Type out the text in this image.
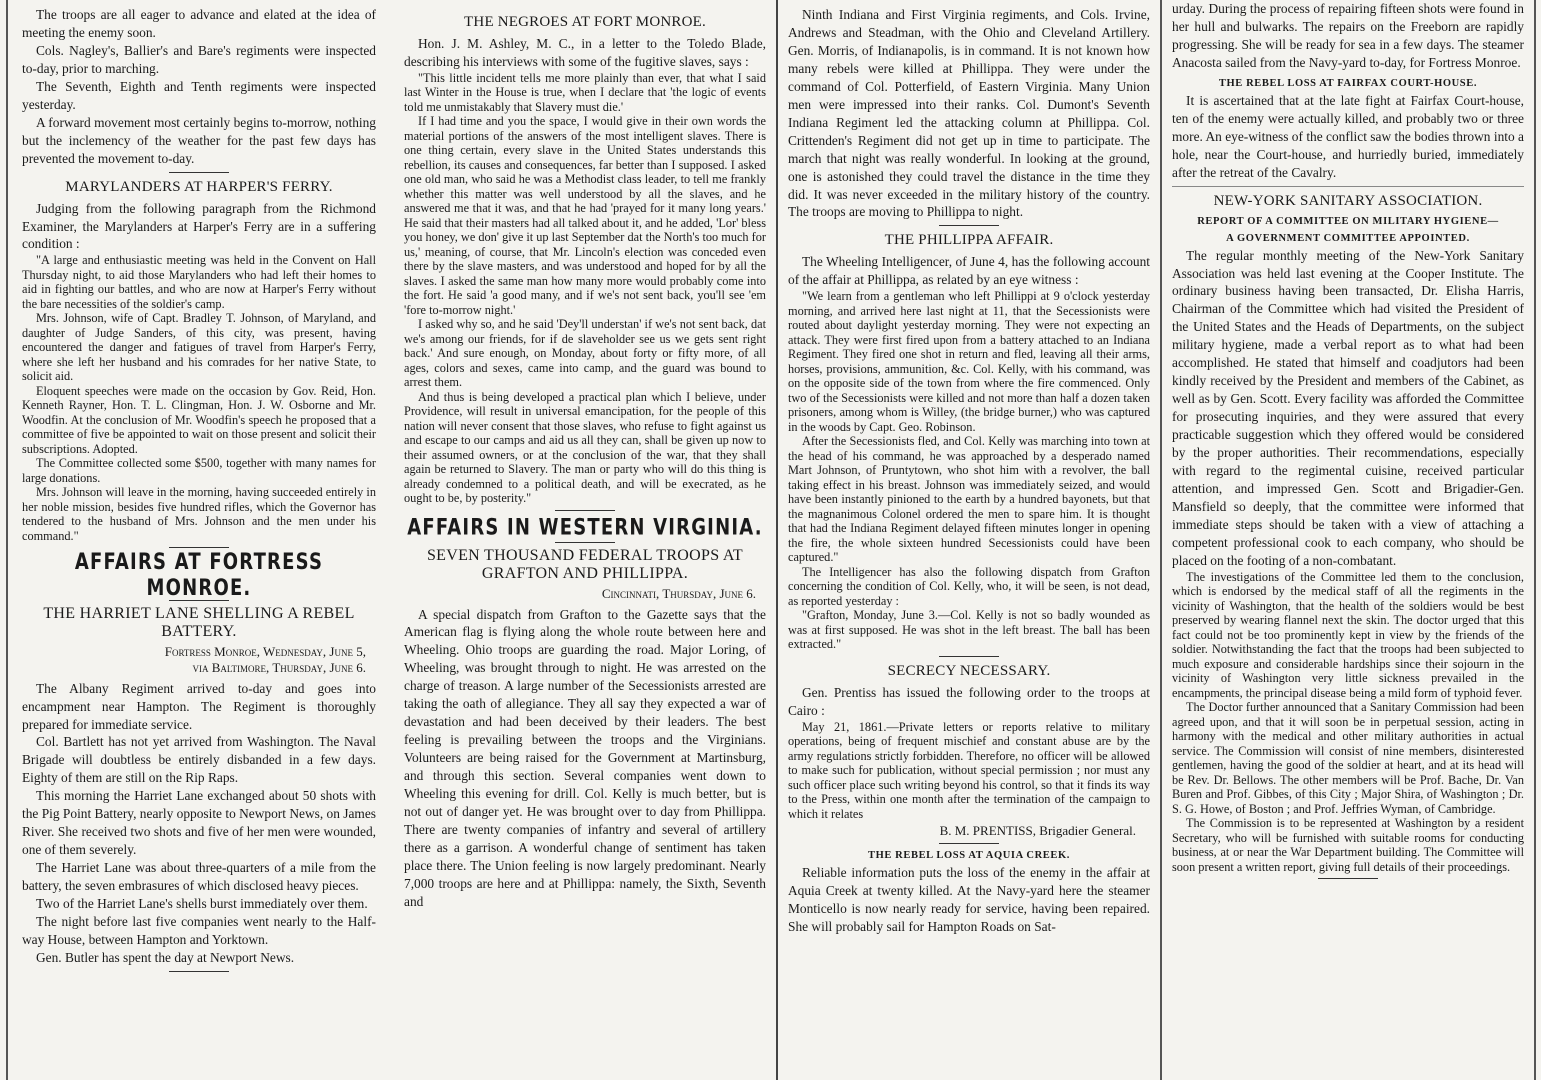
The troops are all eager to advance and elated at the idea of meeting the enemy soon.

Cols. Nagley's, Ballier's and Bare's regiments were inspected to-day, prior to marching.

The Seventh, Eighth and Tenth regiments were inspected yesterday.

A forward movement most certainly begins to-morrow, nothing but the inclemency of the weather for the past few days has prevented the movement to-day.

MARYLANDERS AT HARPER'S FERRY.

Judging from the following paragraph from the Richmond Examiner, the Marylanders at Harper's Ferry are in a suffering condition :

"A large and enthusiastic meeting was held in the Convent on Hall Thursday night, to aid those Marylanders who had left their homes to aid in fighting our battles, and who are now at Harper's Ferry without the bare necessities of the soldier's camp.

Mrs. Johnson, wife of Capt. Bradley T. Johnson, of Maryland, and daughter of Judge Sanders, of this city, was present, having encountered the danger and fatigues of travel from Harper's Ferry, where she left her husband and his comrades for her native State, to solicit aid.

Eloquent speeches were made on the occasion by Gov. Reid, Hon. Kenneth Rayner, Hon. T. L. Clingman, Hon. J. W. Osborne and Mr. Woodfin. At the conclusion of Mr. Woodfin's speech he proposed that a committee of five be appointed to wait on those present and solicit their subscriptions. Adopted.

The Committee collected some $500, together with many names for large donations.

Mrs. Johnson will leave in the morning, having succeeded entirely in her noble mission, besides five hundred rifles, which the Governor has tendered to the husband of Mrs. Johnson and the men under his command."

AFFAIRS AT FORTRESS MONROE.
THE HARRIET LANE SHELLING A REBEL BATTERY.
Fortress Monroe, Wednesday, June 5,
via Baltimore, Thursday, June 6.

The Albany Regiment arrived to-day and goes into encampment near Hampton. The Regiment is thoroughly prepared for immediate service.

Col. Bartlett has not yet arrived from Washington. The Naval Brigade will doubtless be entirely disbanded in a few days. Eighty of them are still on the Rip Raps.

This morning the Harriet Lane exchanged about 50 shots with the Pig Point Battery, nearly opposite to Newport News, on James River. She received two shots and five of her men were wounded, one of them severely.

The Harriet Lane was about three-quarters of a mile from the battery, the seven embrasures of which disclosed heavy pieces.

Two of the Harriet Lane's shells burst immediately over them.

The night before last five companies went nearly to the Half-way House, between Hampton and Yorktown.

Gen. Butler has spent the day at Newport News.

THE NEGROES AT FORT MONROE.

Hon. J. M. Ashley, M. C., in a letter to the Toledo Blade, describing his interviews with some of the fugitive slaves, says :

"This little incident tells me more plainly than ever, that what I said last Winter in the House is true, when I declare that 'the logic of events told me unmistakably that Slavery must die.'

If I had time and you the space, I would give in their own words the material portions of the answers of the most intelligent slaves. There is one thing certain, every slave in the United States understands this rebellion, its causes and consequences, far better than I supposed. I asked one old man, who said he was a Methodist class leader, to tell me frankly whether this matter was well understood by all the slaves, and he answered me that it was, and that he had 'prayed for it many long years.' He said that their masters had all talked about it, and he added, 'Lor' bless you honey, we don' give it up last September dat the North's too much for us,' meaning, of course, that Mr. Lincoln's election was conceded even there by the slave masters, and was understood and hoped for by all the slaves. I asked the same man how many more would probably come into the fort. He said 'a good many, and if we's not sent back, you'll see 'em 'fore to-morrow night.'

I asked why so, and he said 'Dey'll understan' if we's not sent back, dat we's among our friends, for if de slaveholder see us we gets sent right back.' And sure enough, on Monday, about forty or fifty more, of all ages, colors and sexes, came into camp, and the guard was bound to arrest them.

And thus is being developed a practical plan which I believe, under Providence, will result in universal emancipation, for the people of this nation will never consent that those slaves, who refuse to fight against us and escape to our camps and aid us all they can, shall be given up now to their assumed owners, or at the conclusion of the war, that they shall again be returned to Slavery. The man or party who will do this thing is already condemned to a political death, and will be execrated, as he ought to be, by posterity."

AFFAIRS IN WESTERN VIRGINIA.
SEVEN THOUSAND FEDERAL TROOPS AT GRAFTON AND PHILLIPPA.
Cincinnati, Thursday, June 6.

A special dispatch from Grafton to the Gazette says that the American flag is flying along the whole route between here and Wheeling. Ohio troops are guarding the road. Major Loring, of Wheeling, was brought through to night. He was arrested on the charge of treason. A large number of the Secessionists arrested are taking the oath of allegiance. They all say they expected a war of devastation and had been deceived by their leaders. The best feeling is prevailing between the troops and the Virginians. Volunteers are being raised for the Government at Martinsburg, and through this section. Several companies went down to Wheeling this evening for drill. Col. Kelly is much better, but is not out of danger yet. He was brought over to day from Phillippa. There are twenty companies of infantry and several of artillery there as a garrison. A wonderful change of sentiment has taken place there. The Union feeling is now largely predominant. Nearly 7,000 troops are here and at Phillippa: namely, the Sixth, Seventh and

Ninth Indiana and First Virginia regiments, and Cols. Irvine, Andrews and Steadman, with the Ohio and Cleveland Artillery. Gen. Morris, of Indianapolis, is in command. It is not known how many rebels were killed at Phillippa. They were under the command of Col. Potterfield, of Eastern Virginia. Many Union men were impressed into their ranks. Col. Dumont's Seventh Indiana Regiment led the attacking column at Phillippa. Col. Crittenden's Regiment did not get up in time to participate. The march that night was really wonderful. In looking at the ground, one is astonished they could travel the distance in the time they did. It was never exceeded in the military history of the country. The troops are moving to Phillippa to night.

THE PHILLIPPA AFFAIR.

The Wheeling Intelligencer, of June 4, has the following account of the affair at Phillippa, as related by an eye witness :

"We learn from a gentleman who left Phillippi at 9 o'clock yesterday morning, and arrived here last night at 11, that the Secessionists were routed about daylight yesterday morning. They were not expecting an attack. They were first fired upon from a battery attached to an Indiana Regiment. They fired one shot in return and fled, leaving all their arms, horses, provisions, ammunition, &c. Col. Kelly, with his command, was on the opposite side of the town from where the fire commenced. Only two of the Secessionists were killed and not more than half a dozen taken prisoners, among whom is Willey, (the bridge burner,) who was captured in the woods by Capt. Geo. Robinson.

After the Secessionists fled, and Col. Kelly was marching into town at the head of his command, he was approached by a desperado named Mart Johnson, of Pruntytown, who shot him with a revolver, the ball taking effect in his breast. Johnson was immediately seized, and would have been instantly pinioned to the earth by a hundred bayonets, but that the magnanimous Colonel ordered the men to spare him. It is thought that had the Indiana Regiment delayed fifteen minutes longer in opening the fire, the whole sixteen hundred Secessionists could have been captured."

The Intelligencer has also the following dispatch from Grafton concerning the condition of Col. Kelly, who, it will be seen, is not dead, as reported yesterday :

"Grafton, Monday, June 3.—Col. Kelly is not so badly wounded as was at first supposed. He was shot in the left breast. The ball has been extracted."

SECRECY NECESSARY.

Gen. Prentiss has issued the following order to the troops at Cairo :

May 21, 1861.—Private letters or reports relative to military operations, being of frequent mischief and constant abuse are by the army regulations strictly forbidden. Therefore, no officer will be allowed to make such for publication, without special permission ; nor must any such officer place such writing beyond his control, so that it finds its way to the Press, within one month after the termination of the campaign to which it relates

B. M. PRENTISS, Brigadier General.
THE REBEL LOSS AT AQUIA CREEK.

Reliable information puts the loss of the enemy in the affair at Aquia Creek at twenty killed. At the Navy-yard here the steamer Monticello is now nearly ready for service, having been repaired. She will probably sail for Hampton Roads on Sat-

urday. During the process of repairing fifteen shots were found in her hull and bulwarks. The repairs on the Freeborn are rapidly progressing. She will be ready for sea in a few days. The steamer Anacosta sailed from the Navy-yard to-day, for Fortress Monroe.

THE REBEL LOSS AT FAIRFAX COURT-HOUSE.

It is ascertained that at the late fight at Fairfax Court-house, ten of the enemy were actually killed, and probably two or three more. An eye-witness of the conflict saw the bodies thrown into a hole, near the Court-house, and hurriedly buried, immediately after the retreat of the Cavalry.

NEW-YORK SANITARY ASSOCIATION.
REPORT OF A COMMITTEE ON MILITARY HYGIENE—
A GOVERNMENT COMMITTEE APPOINTED.

The regular monthly meeting of the New-York Sanitary Association was held last evening at the Cooper Institute. The ordinary business having been transacted, Dr. Elisha Harris, Chairman of the Committee which had visited the President of the United States and the Heads of Departments, on the subject military hygiene, made a verbal report as to what had been accomplished. He stated that himself and coadjutors had been kindly received by the President and members of the Cabinet, as well as by Gen. Scott. Every facility was afforded the Committee for prosecuting inquiries, and they were assured that every practicable suggestion which they offered would be considered by the proper authorities. Their recommendations, especially with regard to the regimental cuisine, received particular attention, and impressed Gen. Scott and Brigadier-Gen. Mansfield so deeply, that the committee were informed that immediate steps should be taken with a view of attaching a competent professional cook to each company, who should be placed on the footing of a non-combatant.

The investigations of the Committee led them to the conclusion, which is endorsed by the medical staff of all the regiments in the vicinity of Washington, that the health of the soldiers would be best preserved by wearing flannel next the skin. The doctor urged that this fact could not be too prominently kept in view by the friends of the soldier. Notwithstanding the fact that the troops had been subjected to much exposure and considerable hardships since their sojourn in the vicinity of Washington very little sickness prevailed in the encampments, the principal disease being a mild form of typhoid fever.

The Doctor further announced that a Sanitary Commission had been agreed upon, and that it will soon be in perpetual session, acting in harmony with the medical and other military authorities in actual service. The Commission will consist of nine members, disinterested gentlemen, having the good of the soldier at heart, and at its head will be Rev. Dr. Bellows. The other members will be Prof. Bache, Dr. Van Buren and Prof. Gibbes, of this City ; Major Shira, of Washington ; Dr. S. G. Howe, of Boston ; and Prof. Jeffries Wyman, of Cambridge.

The Commission is to be represented at Washington by a resident Secretary, who will be furnished with suitable rooms for conducting business, at or near the War Department building. The Committee will soon present a written report, giving full details of their proceedings.
